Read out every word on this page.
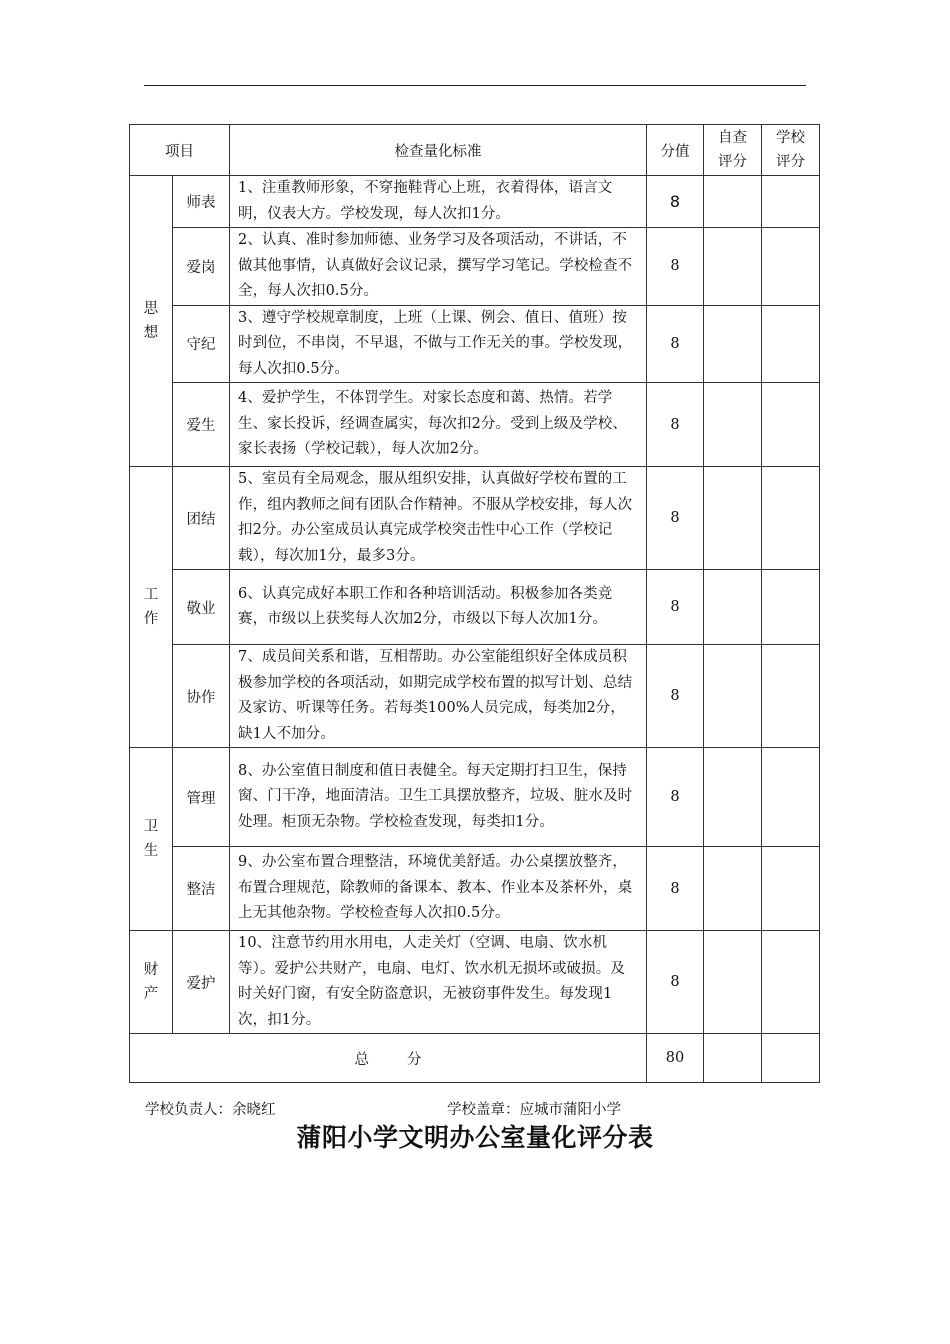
项目		检查量化标准	分值	自查评分	学校评分
思想	师表	1、注重教师形象，不穿拖鞋背心上班，衣着得体，语言文明，仪表大方。学校发现，每人次扣1分。	8		
	爱岗	2、认真、准时参加师德、业务学习及各项活动，不讲话，不做其他事情，认真做好会议记录，撰写学习笔记。学校检查不全，每人次扣0.5分。	8		
	守纪	3、遵守学校规章制度，上班（上课、例会、值日、值班）按时到位，不串岗，不早退，不做与工作无关的事。学校发现，每人次扣0.5分。	8		
	爱生	4、爱护学生，不体罚学生。对家长态度和蔼、热情。若学生、家长投诉，经调查属实，每次扣2分。受到上级及学校、家长表扬（学校记载），每人次加2分。	8		
工作	团结	5、室员有全局观念，服从组织安排，认真做好学校布置的工作，组内教师之间有团队合作精神。不服从学校安排，每人次扣2分。办公室成员认真完成学校突击性中心工作（学校记载），每次加1分，最多3分。	8		
	敬业	6、认真完成好本职工作和各种培训活动。积极参加各类竞赛，市级以上获奖每人次加2分，市级以下每人次加1分。	8		
	协作	7、成员间关系和谐，互相帮助。办公室能组织好全体成员积极参加学校的各项活动，如期完成学校布置的拟写计划、总结及家访、听课等任务。若每类100%人员完成，每类加2分，缺1人不加分。	8		
卫生	管理	8、办公室值日制度和值日表健全。每天定期打扫卫生，保持窗、门干净，地面清洁。卫生工具摆放整齐，垃圾、脏水及时处理。柜顶无杂物。学校检查发现，每类扣1分。	8		
	整洁	9、办公室布置合理整洁，环境优美舒适。办公桌摆放整齐，布置合理规范，除教师的备课本、教本、作业本及茶杯外，桌上无其他杂物。学校检查每人次扣0.5分。	8		
财产	爱护	10、注意节约用水用电，人走关灯（空调、电扇、饮水机等）。爱护公共财产，电扇、电灯、饮水机无损坏或破损。及时关好门窗，有安全防盗意识，无被窃事件发生。每发现1次，扣1分。	8		
总 分			80		
学校负责人：余晓红	学校盖章：应城市蒲阳小学
蒲阳小学文明办公室量化评分表
